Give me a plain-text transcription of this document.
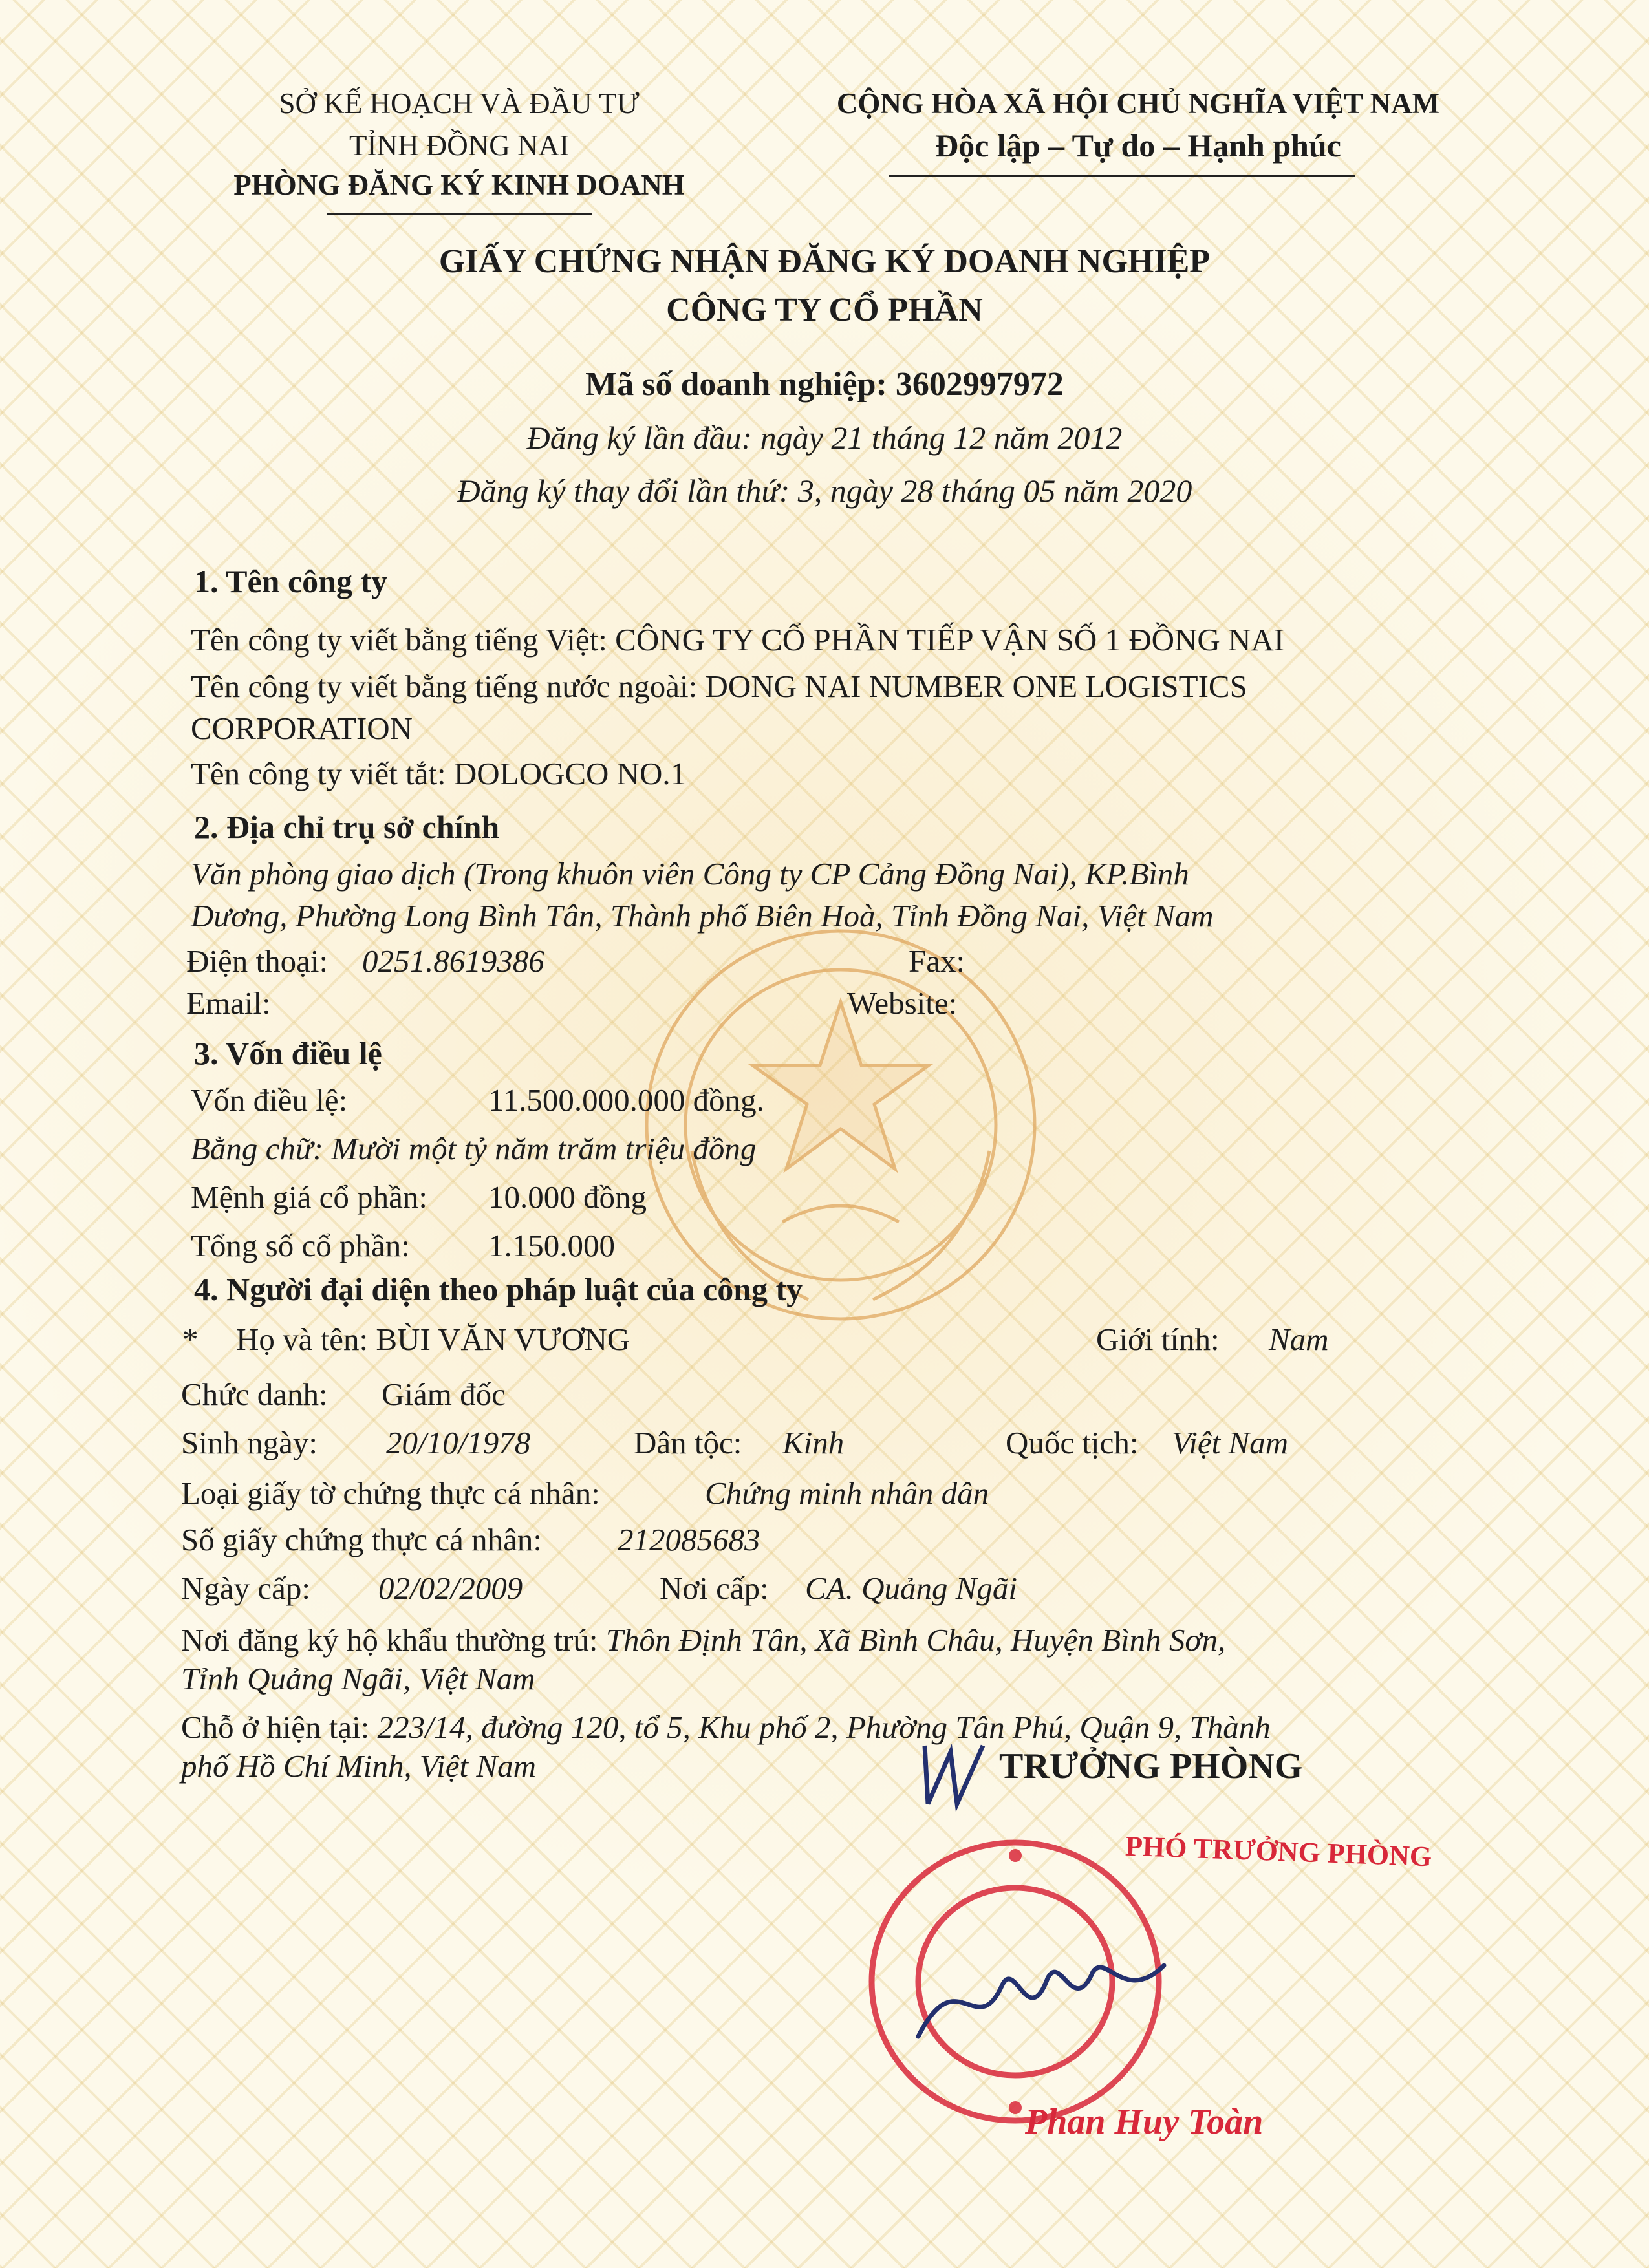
SỞ KẾ HOẠCH VÀ ĐẦU TƯ
TỈNH ĐỒNG NAI
PHÒNG ĐĂNG KÝ KINH DOANH
CỘNG HÒA XÃ HỘI CHỦ NGHĨA VIỆT NAM
Độc lập – Tự do – Hạnh phúc
GIẤY CHỨNG NHẬN ĐĂNG KÝ DOANH NGHIỆP
CÔNG TY CỔ PHẦN
Mã số doanh nghiệp: 3602997972
Đăng ký lần đầu: ngày 21 tháng 12 năm 2012
Đăng ký thay đổi lần thứ: 3, ngày 28 tháng 05 năm 2020
1. Tên công ty
Tên công ty viết bằng tiếng Việt: CÔNG TY CỔ PHẦN TIẾP VẬN SỐ 1 ĐỒNG NAI
Tên công ty viết bằng tiếng nước ngoài: DONG NAI NUMBER ONE LOGISTICS
CORPORATION
Tên công ty viết tắt: DOLOGCO NO.1
2. Địa chỉ trụ sở chính
Văn phòng giao dịch (Trong khuôn viên Công ty CP Cảng Đồng Nai), KP.Bình
Dương, Phường Long Bình Tân, Thành phố Biên Hoà, Tỉnh Đồng Nai, Việt Nam
Điện thoại: 0251.8619386	Fax:
Email:	Website:
3. Vốn điều lệ
Vốn điều lệ:	11.500.000.000 đồng.
Bằng chữ: Mười một tỷ năm trăm triệu đồng
Mệnh giá cổ phần: 10.000 đồng
Tổng số cổ phần: 1.150.000
4. Người đại diện theo pháp luật của công ty
* Họ và tên: BÙI VĂN VƯƠNG	Giới tính: Nam
Chức danh: Giám đốc
Sinh ngày: 20/10/1978	Dân tộc: Kinh	Quốc tịch: Việt Nam
Loại giấy tờ chứng thực cá nhân:	Chứng minh nhân dân
Số giấy chứng thực cá nhân: 212085683
Ngày cấp: 02/02/2009	Nơi cấp: CA. Quảng Ngãi
Nơi đăng ký hộ khẩu thường trú: Thôn Định Tân, Xã Bình Châu, Huyện Bình Sơn,
Tỉnh Quảng Ngãi, Việt Nam
Chỗ ở hiện tại: 223/14, đường 120, tổ 5, Khu phố 2, Phường Tân Phú, Quận 9, Thành
phố Hồ Chí Minh, Việt Nam	TRƯỞNG PHÒNG
PHÓ TRƯỞNG PHÒNG
Phan Huy Toàn
